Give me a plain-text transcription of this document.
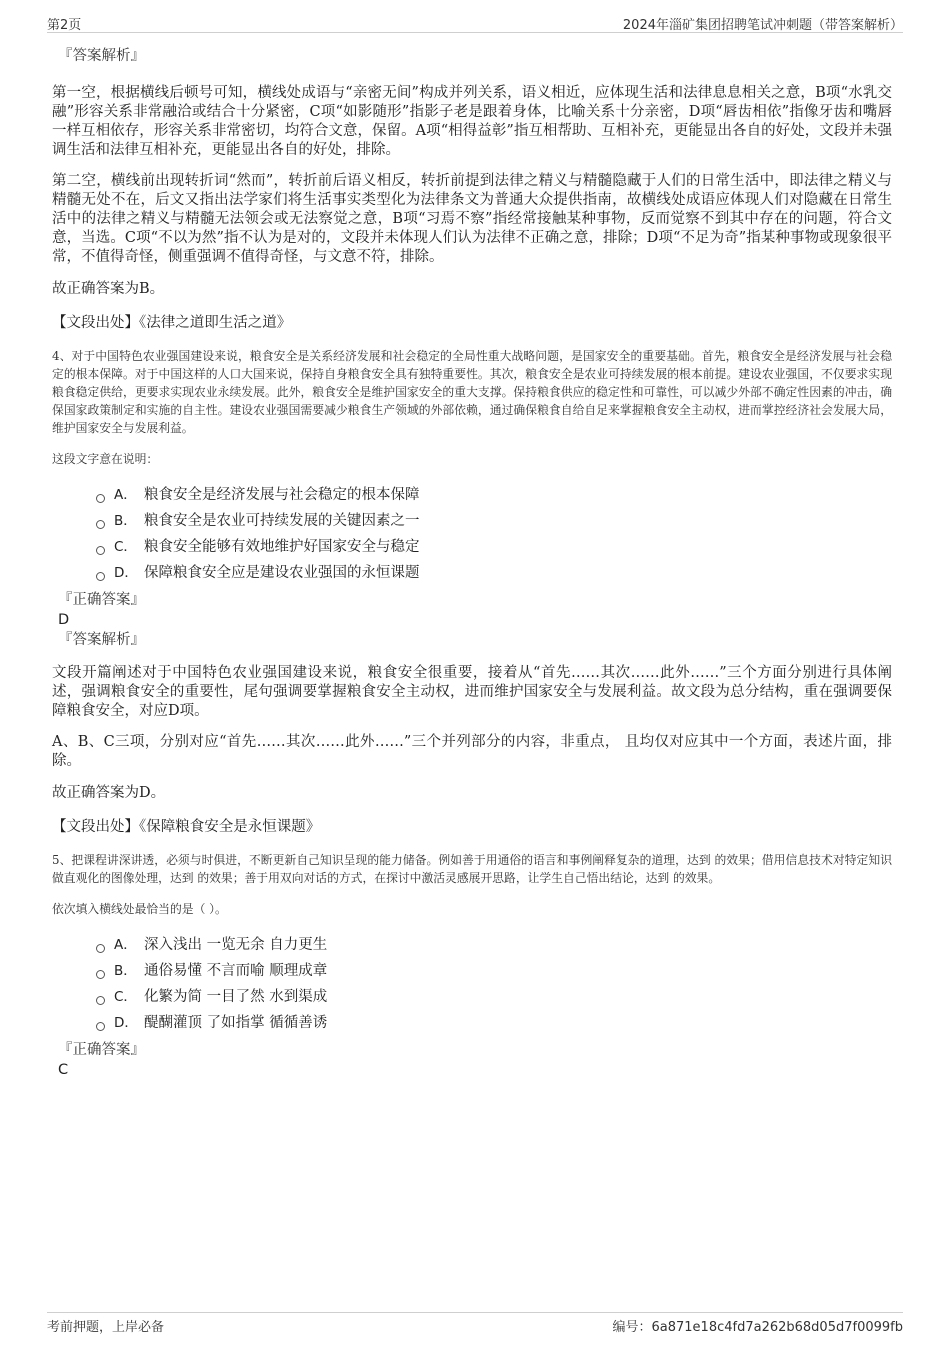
第2页	2024年淄矿集团招聘笔试冲刺题（带答案解析）

『答案解析』

第一空，根据横线后顿号可知，横线处成语与“亲密无间”构成并列关系，语义相近，应体现生活和法律息息相关之意，B项“水乳交融”形容关系非常融洽或结合十分紧密，C项“如影随形”指影子老是跟着身体，比喻关系十分亲密，D项“唇齿相依”指像牙齿和嘴唇一样互相依存，形容关系非常密切，均符合文意，保留。A项“相得益彰”指互相帮助、互相补充，更能显出各自的好处，文段并未强调生活和法律互相补充，更能显出各自的好处，排除。

第二空，横线前出现转折词“然而”，转折前后语义相反，转折前提到法律之精义与精髓隐藏于人们的日常生活中，即法律之精义与精髓无处不在，后文又指出法学家们将生活事实类型化为法律条文为普通大众提供指南，故横线处成语应体现人们对隐藏在日常生活中的法律之精义与精髓无法领会或无法察觉之意，B项“习焉不察”指经常接触某种事物，反而觉察不到其中存在的问题，符合文意，当选。C项“不以为然”指不认为是对的，文段并未体现人们认为法律不正确之意，排除；D项“不足为奇”指某种事物或现象很平常，不值得奇怪，侧重强调不值得奇怪，与文意不符，排除。

故正确答案为B。

【文段出处】《法律之道即生活之道》

4、对于中国特色农业强国建设来说，粮食安全是关系经济发展和社会稳定的全局性重大战略问题，是国家安全的重要基础。首先，粮食安全是经济发展与社会稳定的根本保障。对于中国这样的人口大国来说，保持自身粮食安全具有独特重要性。其次，粮食安全是农业可持续发展的根本前提。建设农业强国，不仅要求实现粮食稳定供给，更要求实现农业永续发展。此外，粮食安全是维护国家安全的重大支撑。保持粮食供应的稳定性和可靠性，可以减少外部不确定性因素的冲击，确保国家政策制定和实施的自主性。建设农业强国需要减少粮食生产领域的外部依赖，通过确保粮食自给自足来掌握粮食安全主动权，进而掌控经济社会发展大局，维护国家安全与发展利益。

这段文字意在说明：

A． 粮食安全是经济发展与社会稳定的根本保障
B． 粮食安全是农业可持续发展的关键因素之一
C． 粮食安全能够有效地维护好国家安全与稳定
D． 保障粮食安全应是建设农业强国的永恒课题

『正确答案』

D

『答案解析』

文段开篇阐述对于中国特色农业强国建设来说，粮食安全很重要，接着从“首先……其次……此外……”三个方面分别进行具体阐述，强调粮食安全的重要性，尾句强调要掌握粮食安全主动权，进而维护国家安全与发展利益。故文段为总分结构，重在强调要保障粮食安全，对应D项。

A、B、C三项，分别对应“首先……其次……此外……”三个并列部分的内容，非重点， 且均仅对应其中一个方面，表述片面，排除。

故正确答案为D。

【文段出处】《保障粮食安全是永恒课题》

5、把课程讲深讲透，必须与时俱进，不断更新自己知识呈现的能力储备。例如善于用通俗的语言和事例阐释复杂的道理，达到 的效果；借用信息技术对特定知识做直观化的图像处理，达到 的效果；善于用双向对话的方式，在探讨中激活灵感展开思路，让学生自己悟出结论，达到 的效果。

依次填入横线处最恰当的是（ ）。

A． 深入浅出 一览无余 自力更生
B． 通俗易懂 不言而喻 顺理成章
C． 化繁为简 一目了然 水到渠成
D． 醍醐灌顶 了如指掌 循循善诱

『正确答案』

C

考前押题，上岸必备	编号：6a871e18c4fd7a262b68d05d7f0099fb
